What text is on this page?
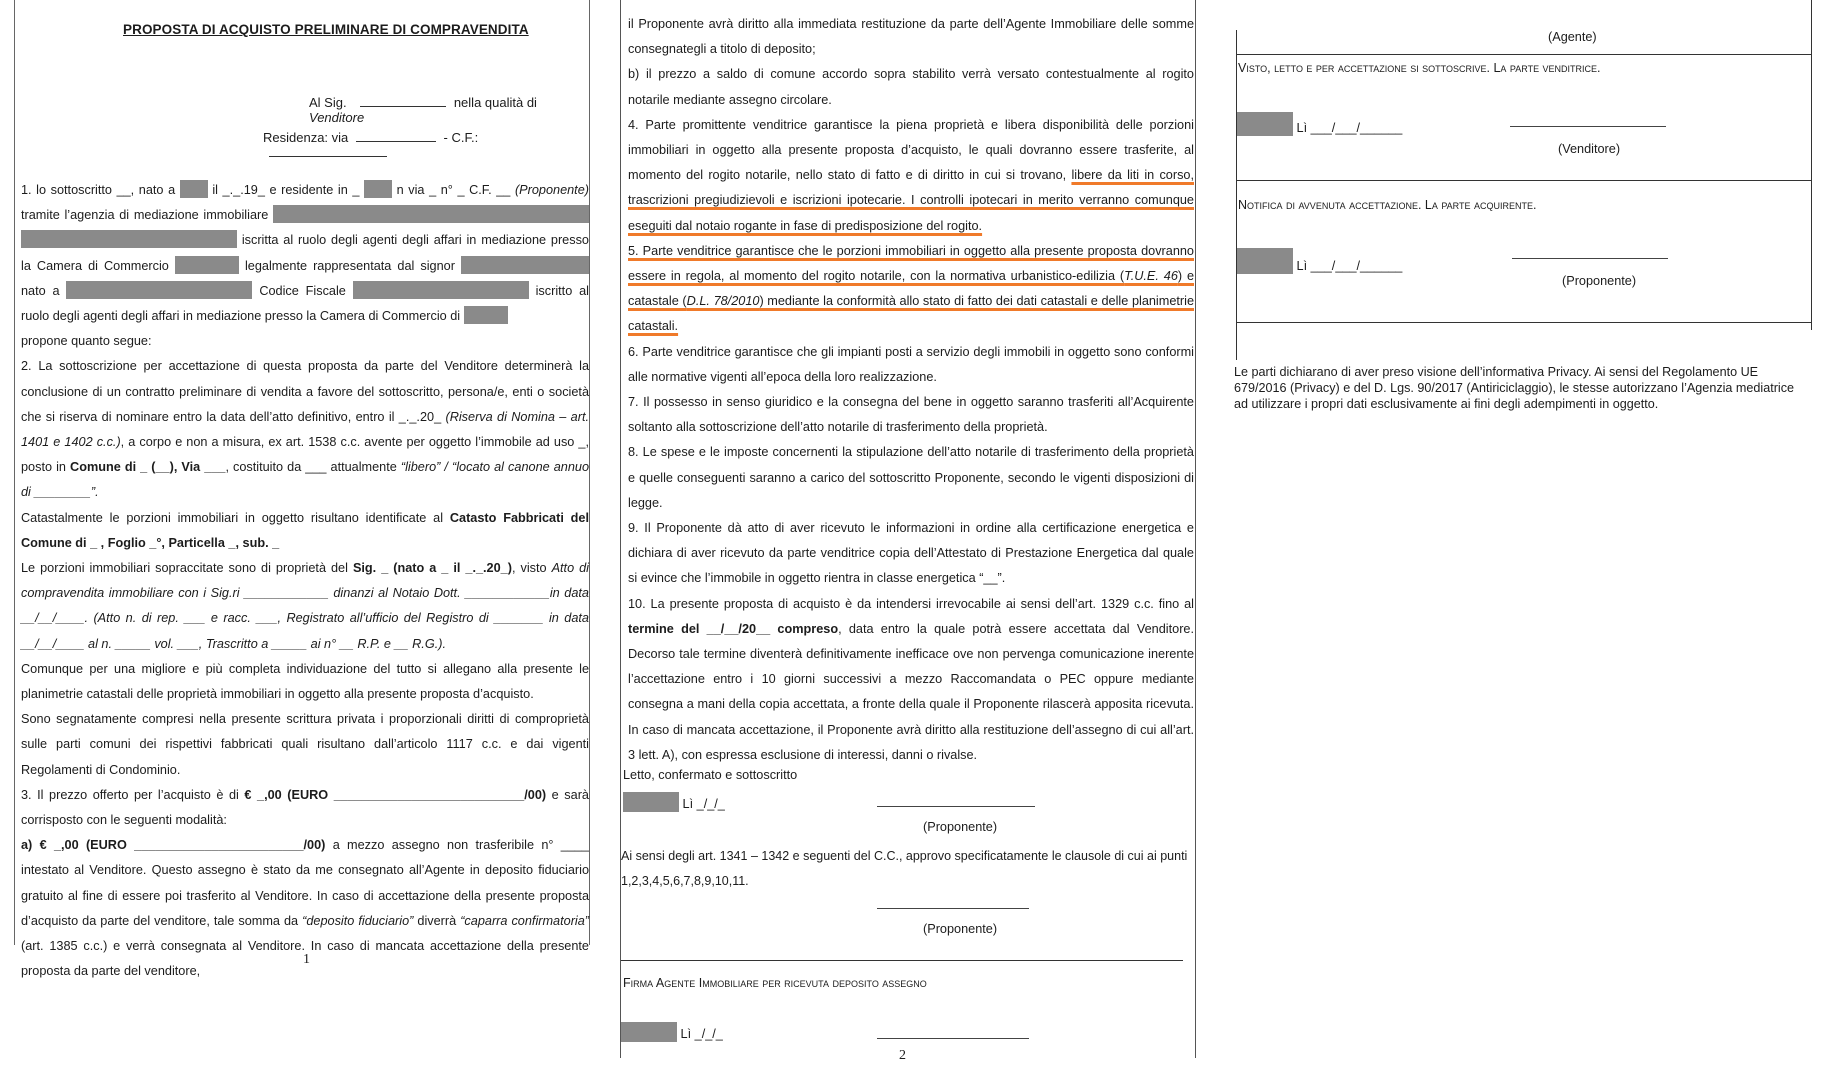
PROPOSTA DI ACQUISTO PRELIMINARE DI COMPRAVENDITA
Al Sig.	nella qualità di Venditore
Residenza: via	- C.F.:

1. lo sottoscritto __, nato a	il _._.19_ e residente in _	n via _ n° _ C.F. __ (Proponente) tramite l’agenzia di mediazione immobiliare   iscritta al ruolo degli agenti degli affari in mediazione presso la Camera di Commercio	legalmente rappresentata dal signor  nato a	Codice Fiscale	iscritto al ruolo degli agenti degli affari in mediazione presso la Camera di Commercio di

propone quanto segue:

2. La sottoscrizione per accettazione di questa proposta da parte del Venditore determinerà la conclusione di un contratto preliminare di vendita a favore del sottoscritto, persona/e, enti o società che si riserva di nominare entro la data dell’atto definitivo, entro il _._.20_ (Riserva di Nomina – art. 1401 e 1402 c.c.), a corpo e non a misura, ex art. 1538 c.c. avente per oggetto l’immobile ad uso _, posto in Comune di _ (__), Via ___, costituito da ___ attualmente “libero” / “locato al canone annuo di ________”.

Catastalmente le porzioni immobiliari in oggetto risultano identificate al Catasto Fabbricati del Comune di _ , Foglio _°, Particella _, sub. _

Le porzioni immobiliari sopraccitate sono di proprietà del Sig. _ (nato a _ il _._.20_), visto Atto di compravendita immobiliare con i Sig.ri ____________ dinanzi al Notaio Dott. ____________in data __/__/____. (Atto n. di rep. ___ e racc. ___, Registrato all’ufficio del Registro di _______ in data __/__/____ al n. _____ vol. ___, Trascritto a _____ ai n° __ R.P. e __ R.G.).

Comunque per una migliore e più completa individuazione del tutto si allegano alla presente le planimetrie catastali delle proprietà immobiliari in oggetto alla presente proposta d’acquisto.

Sono segnatamente compresi nella presente scrittura privata i proporzionali diritti di comproprietà sulle parti comuni dei rispettivi fabbricati quali risultano dall’articolo 1117 c.c. e dai vigenti Regolamenti di Condominio.

3. Il prezzo offerto per l’acquisto è di € _,00 (EURO ___________________________/00) e sarà corrisposto con le seguenti modalità:

a) € _,00 (EURO ________________________/00) a mezzo assegno non trasferibile n° ____ intestato al Venditore. Questo assegno è stato da me consegnato all’Agente in deposito fiduciario gratuito al fine di essere poi trasferito al Venditore. In caso di accettazione della presente proposta d’acquisto da parte del venditore, tale somma da “deposito fiduciario” diverrà “caparra confirmatoria” (art. 1385 c.c.) e verrà consegnata al Venditore. In caso di mancata accettazione della presente proposta da parte del venditore,

1

il Proponente avrà diritto alla immediata restituzione da parte dell’Agente Immobiliare delle somme consegnategli a titolo di deposito;

b) il prezzo a saldo di comune accordo sopra stabilito verrà versato contestualmente al rogito notarile mediante assegno circolare.

4. Parte promittente venditrice garantisce la piena proprietà e libera disponibilità delle porzioni immobiliari in oggetto alla presente proposta d’acquisto, le quali dovranno essere trasferite, al momento del rogito notarile, nello stato di fatto e di diritto in cui si trovano, libere da liti in corso, trascrizioni pregiudizievoli e iscrizioni ipotecarie. I controlli ipotecari in merito verranno comunque eseguiti dal notaio rogante in fase di predisposizione del rogito.

5. Parte venditrice garantisce che le porzioni immobiliari in oggetto alla presente proposta dovranno essere in regola, al momento del rogito notarile, con la normativa urbanistico-edilizia (T.U.E. 46) e catastale (D.L. 78/2010) mediante la conformità allo stato di fatto dei dati catastali e delle planimetrie catastali.

6. Parte venditrice garantisce che gli impianti posti a servizio degli immobili in oggetto sono conformi alle normative vigenti all’epoca della loro realizzazione.

7. Il possesso in senso giuridico e la consegna del bene in oggetto saranno trasferiti all’Acquirente soltanto alla sottoscrizione dell’atto notarile di trasferimento della proprietà.

8. Le spese e le imposte concernenti la stipulazione dell’atto notarile di trasferimento della proprietà e quelle conseguenti saranno a carico del sottoscritto Proponente, secondo le vigenti disposizioni di legge.

9. Il Proponente dà atto di aver ricevuto le informazioni in ordine alla certificazione energetica e dichiara di aver ricevuto da parte venditrice copia dell’Attestato di Prestazione Energetica dal quale si evince che l’immobile in oggetto rientra in classe energetica “__”.

10. La presente proposta di acquisto è da intendersi irrevocabile ai sensi dell’art. 1329 c.c. fino al termine del __/__/20__ compreso, data entro la quale potrà essere accettata dal Venditore. Decorso tale termine diventerà definitivamente inefficace ove non pervenga comunicazione inerente l’accettazione entro i 10 giorni successivi a mezzo Raccomandata o PEC oppure mediante consegna a mani della copia accettata, a fronte della quale il Proponente rilascerà apposita ricevuta. In caso di mancata accettazione, il Proponente avrà diritto alla restituzione dell’assegno di cui all’art. 3 lett. A), con espressa esclusione di interessi, danni o rivalse.

Letto, confermato e sottoscritto
Lì _/_/_
(Proponente)
Ai sensi degli art. 1341 – 1342 e seguenti del C.C., approvo specificatamente le clausole di cui ai punti 1,2,3,4,5,6,7,8,9,10,11.
(Proponente)
Firma Agente Immobiliare per ricevuta deposito assegno
Lì _/_/_
2
(Agente)
Visto, letto e per accettazione si sottoscrive. La parte venditrice.
Lì ___/___/______
(Venditore)
Notifica di avvenuta accettazione. La parte acquirente.
Lì ___/___/______
(Proponente)
Le parti dichiarano di aver preso visione dell’informativa Privacy. Ai sensi del Regolamento UE 679/2016 (Privacy) e del D. Lgs. 90/2017 (Antiriciclaggio), le stesse autorizzano l’Agenzia mediatrice ad utilizzare i propri dati esclusivamente ai fini degli adempimenti in oggetto.
